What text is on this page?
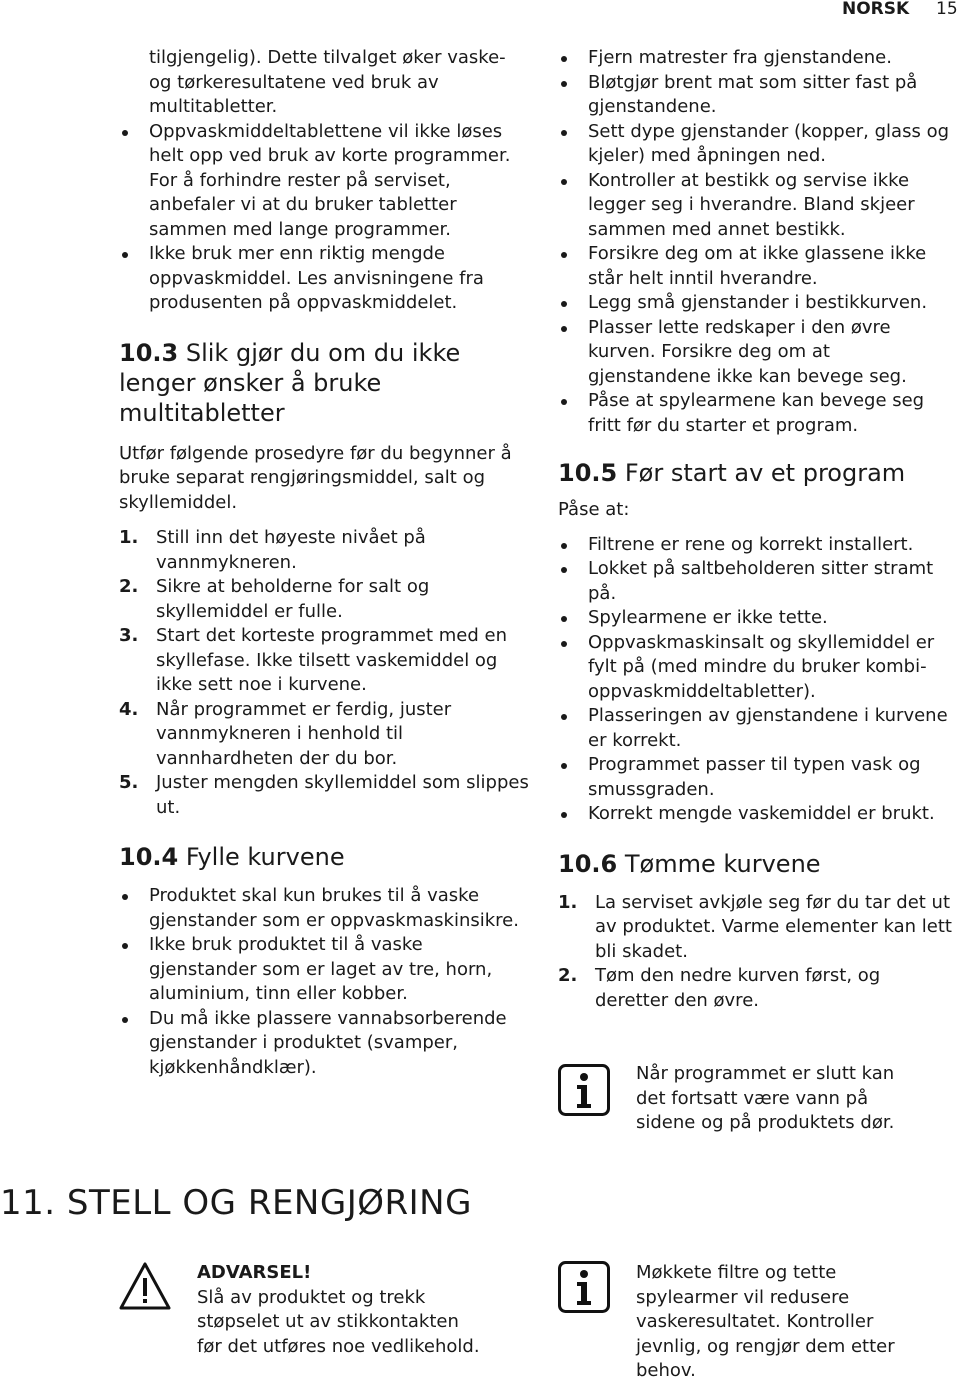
NORSK 15
tilgjengelig). Dette tilvalget øker vaske- og tørkeresultatene ved bruk av multitabletter.
Oppvaskmiddeltablettene vil ikke løses helt opp ved bruk av korte programmer. For å forhindre rester på serviset, anbefaler vi at du bruker tabletter sammen med lange programmer.
Ikke bruk mer enn riktig mengde oppvaskmiddel. Les anvisningene fra produsenten på oppvaskmiddelet.
10.3 Slik gjør du om du ikke lenger ønsker å bruke multitabletter

Utfør følgende prosedyre før du begynner å bruke separat rengjøringsmiddel, salt og skyllemiddel.

1. Still inn det høyeste nivået på vannmykneren.
2. Sikre at beholderne for salt og skyllemiddel er fulle.
3. Start det korteste programmet med en skyllefase. Ikke tilsett vaskemiddel og ikke sett noe i kurvene.
4. Når programmet er ferdig, juster vannmykneren i henhold til vannhardheten der du bor.
5. Juster mengden skyllemiddel som slippes ut.
10.4 Fylle kurvene
Produktet skal kun brukes til å vaske gjenstander som er oppvaskmaskinsikre.
Ikke bruk produktet til å vaske gjenstander som er laget av tre, horn, aluminium, tinn eller kobber.
Du må ikke plassere vannabsorberende gjenstander i produktet (svamper, kjøkkenhåndklær).
Fjern matrester fra gjenstandene.
Bløtgjør brent mat som sitter fast på gjenstandene.
Sett dype gjenstander (kopper, glass og kjeler) med åpningen ned.
Kontroller at bestikk og servise ikke legger seg i hverandre. Bland skjeer sammen med annet bestikk.
Forsikre deg om at ikke glassene ikke står helt inntil hverandre.
Legg små gjenstander i bestikkurven.
Plasser lette redskaper i den øvre kurven. Forsikre deg om at gjenstandene ikke kan bevege seg.
Påse at spylearmene kan bevege seg fritt før du starter et program.
10.5 Før start av et program

Påse at:

Filtrene er rene og korrekt installert.
Lokket på saltbeholderen sitter stramt på.
Spylearmene er ikke tette.
Oppvaskmaskinsalt og skyllemiddel er fylt på (med mindre du bruker kombi-oppvaskmiddeltabletter).
Plasseringen av gjenstandene i kurvene er korrekt.
Programmet passer til typen vask og smussgraden.
Korrekt mengde vaskemiddel er brukt.
10.6 Tømme kurvene
1. La serviset avkjøle seg før du tar det ut av produktet. Varme elementer kan lett bli skadet.
2. Tøm den nedre kurven først, og deretter den øvre.
Når programmet er slutt kan det fortsatt være vann på sidene og på produktets dør.
11. STELL OG RENGJØRING
ADVARSEL!
Slå av produktet og trekk støpselet ut av stikkontakten før det utføres noe vedlikehold.
Møkkete filtre og tette spylearmer vil redusere vaskeresultatet. Kontroller jevnlig, og rengjør dem etter behov.
